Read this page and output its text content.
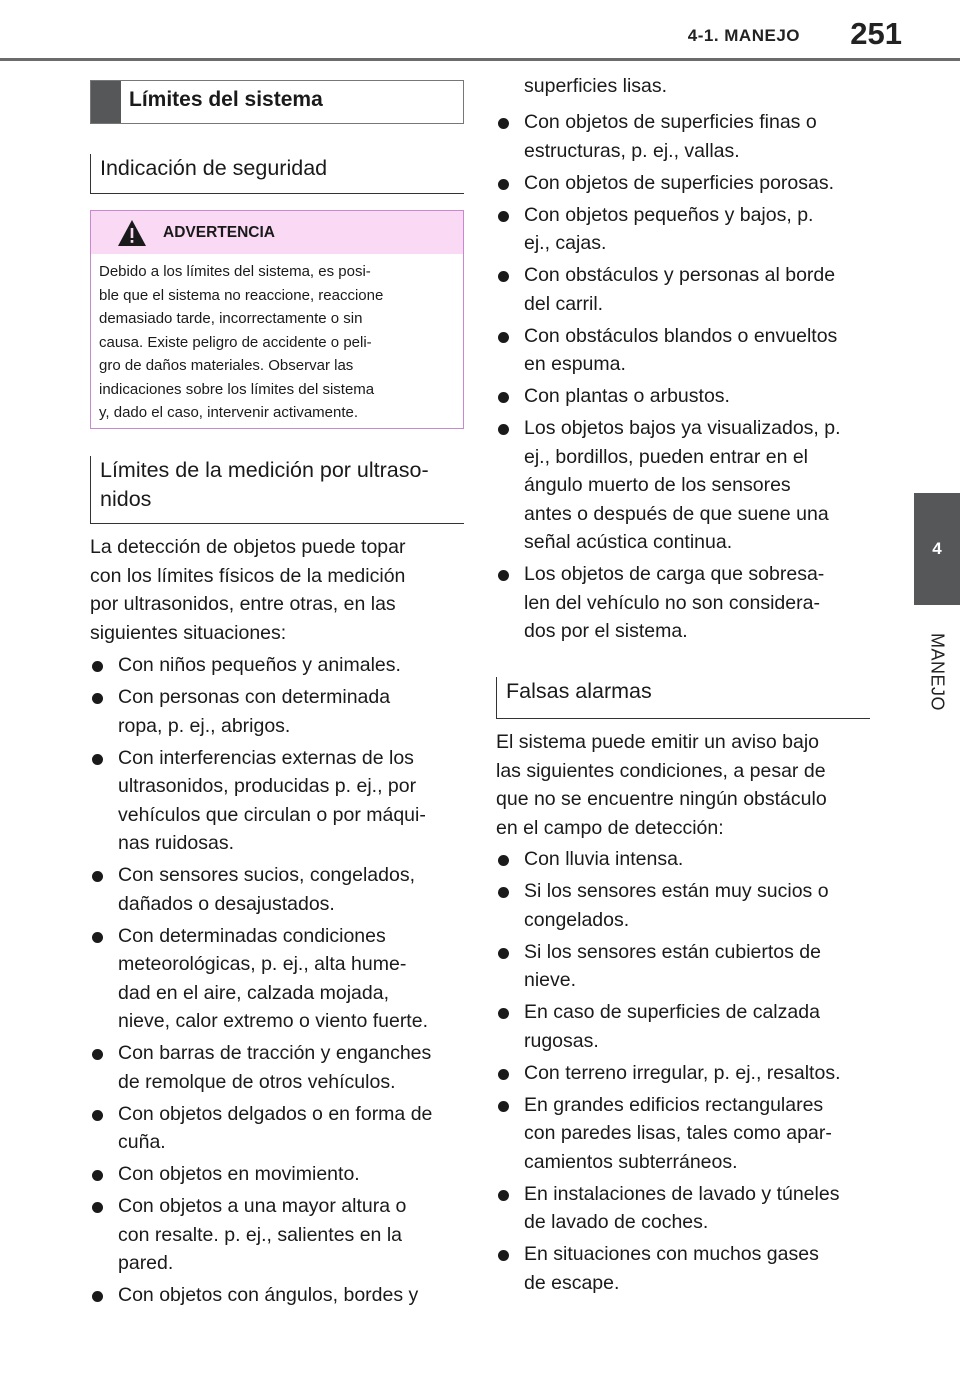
4-1. MANEJO 251
4
MANEJO
Límites del sistema
Indicación de seguridad
ADVERTENCIA
Debido a los límites del sistema, es posi-
ble que el sistema no reaccione, reaccione
demasiado tarde, incorrectamente o sin
causa. Existe peligro de accidente o peli-
gro de daños materiales. Observar las
indicaciones sobre los límites del sistema
y, dado el caso, intervenir activamente.
Límites de la medición por ultraso-
nidos
La detección de objetos puede topar
con los límites físicos de la medición
por ultrasonidos, entre otras, en las
siguientes situaciones:
Con niños pequeños y animales.
Con personas con determinada
ropa, p. ej., abrigos.
Con interferencias externas de los
ultrasonidos, producidas p. ej., por
vehículos que circulan o por máqui-
nas ruidosas.
Con sensores sucios, congelados,
dañados o desajustados.
Con determinadas condiciones
meteorológicas, p. ej., alta hume-
dad en el aire, calzada mojada,
nieve, calor extremo o viento fuerte.
Con barras de tracción y enganches
de remolque de otros vehículos.
Con objetos delgados o en forma de
cuña.
Con objetos en movimiento.
Con objetos a una mayor altura o
con resalte. p. ej., salientes en la
pared.
Con objetos con ángulos, bordes y
superficies lisas.
Con objetos de superficies finas o
estructuras, p. ej., vallas.
Con objetos de superficies porosas.
Con objetos pequeños y bajos, p.
ej., cajas.
Con obstáculos y personas al borde
del carril.
Con obstáculos blandos o envueltos
en espuma.
Con plantas o arbustos.
Los objetos bajos ya visualizados, p.
ej., bordillos, pueden entrar en el
ángulo muerto de los sensores
antes o después de que suene una
señal acústica continua.
Los objetos de carga que sobresa-
len del vehículo no son considera-
dos por el sistema.
Falsas alarmas
El sistema puede emitir un aviso bajo
las siguientes condiciones, a pesar de
que no se encuentre ningún obstáculo
en el campo de detección:
Con lluvia intensa.
Si los sensores están muy sucios o
congelados.
Si los sensores están cubiertos de
nieve.
En caso de superficies de calzada
rugosas.
Con terreno irregular, p. ej., resaltos.
En grandes edificios rectangulares
con paredes lisas, tales como apar-
camientos subterráneos.
En instalaciones de lavado y túneles
de lavado de coches.
En situaciones con muchos gases
de escape.
